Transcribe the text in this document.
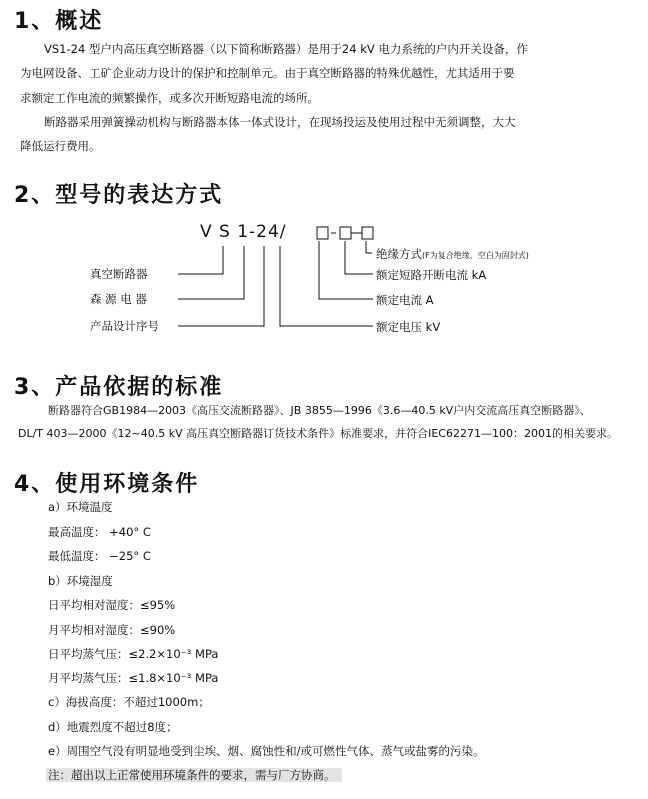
1、概述
VS1-24 型户内高压真空断路器（以下简称断路器）是用于24 kV 电力系统的户内开关设备，作
为电网设备、工矿企业动力设计的保护和控制单元。由于真空断路器的特殊优越性，尤其适用于要
求额定工作电流的频繁操作，或多次开断短路电流的场所。
断路器采用弹簧操动机构与断路器本体一体式设计，在现场投运及使用过程中无须调整，大大
降低运行费用。
2、型号的表达方式
V S 1-24/
真空断路器
森 源 电 器
产品设计序号
绝缘方式(F为复合绝缘，空白为固封式)
额定短路开断电流 kA
额定电流 A
额定电压 kV
3、产品依据的标准
断路器符合GB1984—2003《高压交流断路器》、JB 3855—1996《3.6—40.5 kV户内交流高压真空断路器》、
DL/T 403—2000《12~40.5 kV 高压真空断路器订货技术条件》标准要求，并符合IEC62271—100：2001的相关要求。
4、使用环境条件
a）环境温度
最高温度： +40° C
最低温度： −25° C
b）环境湿度
日平均相对湿度：≤95%
月平均相对湿度：≤90%
日平均蒸气压：≤2.2×10⁻³ MPa
月平均蒸气压：≤1.8×10⁻³ MPa
c）海拔高度：不超过1000m；
d）地震烈度不超过8度；
e）周围空气没有明显地受到尘埃、烟、腐蚀性和/或可燃性气体、蒸气或盐雾的污染。
注：超出以上正常使用环境条件的要求，需与厂方协商。
